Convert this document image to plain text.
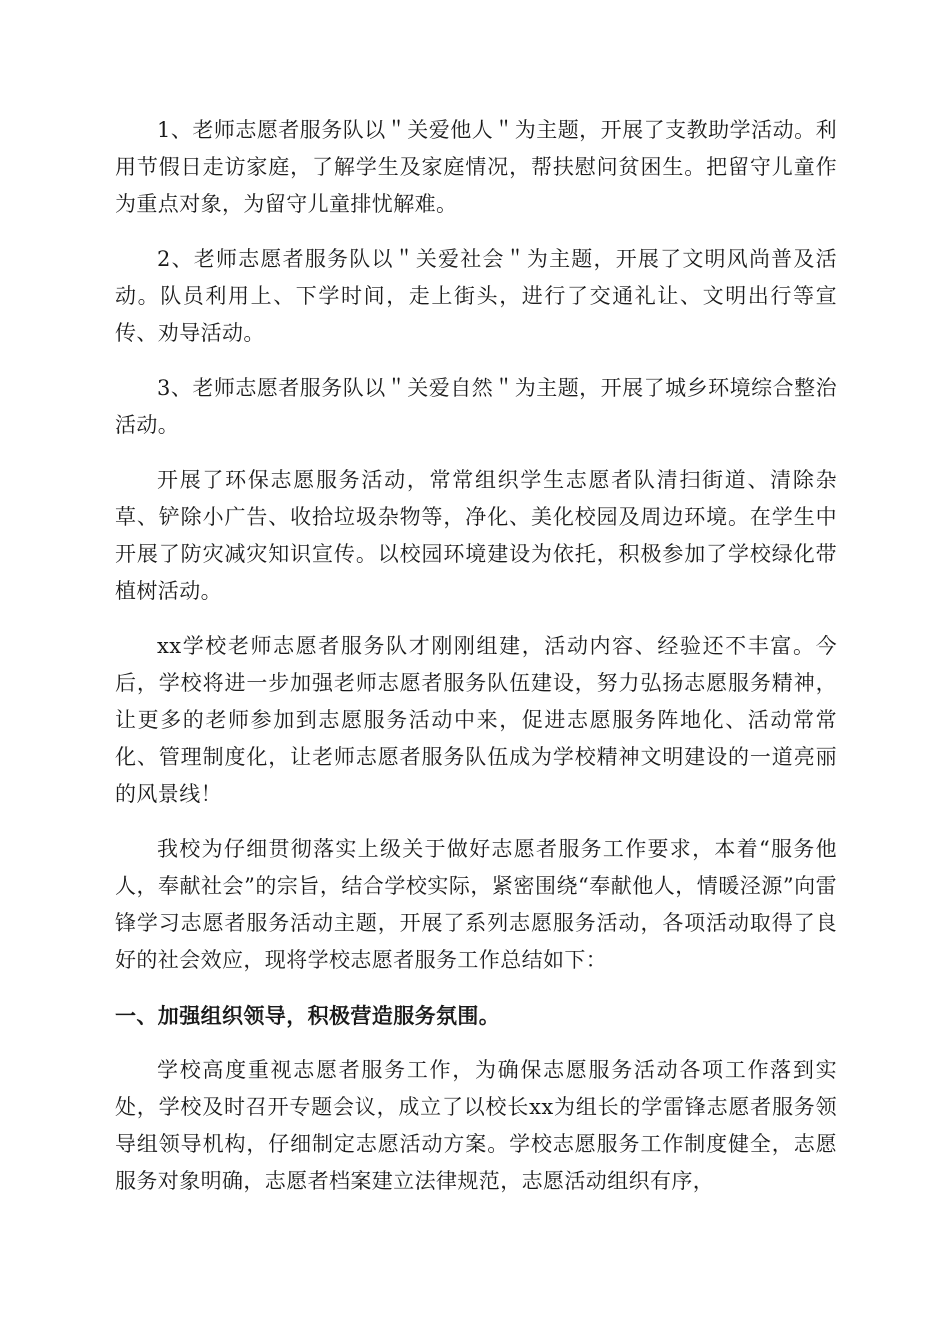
1、老师志愿者服务队以＂关爱他人＂为主题，开展了支教助学活动。利用节假日走访家庭，了解学生及家庭情况，帮扶慰问贫困生。把留守儿童作为重点对象，为留守儿童排忧解难。

2、老师志愿者服务队以＂关爱社会＂为主题，开展了文明风尚普及活动。队员利用上、下学时间，走上街头，进行了交通礼让、文明出行等宣传、劝导活动。

3、老师志愿者服务队以＂关爱自然＂为主题，开展了城乡环境综合整治活动。

开展了环保志愿服务活动，常常组织学生志愿者队清扫街道、清除杂草、铲除小广告、收拾垃圾杂物等，净化、美化校园及周边环境。在学生中开展了防灾减灾知识宣传。以校园环境建设为依托，积极参加了学校绿化带植树活动。

xx学校老师志愿者服务队才刚刚组建，活动内容、经验还不丰富。今后，学校将进一步加强老师志愿者服务队伍建设，努力弘扬志愿服务精神，让更多的老师参加到志愿服务活动中来，促进志愿服务阵地化、活动常常化、管理制度化，让老师志愿者服务队伍成为学校精神文明建设的一道亮丽的风景线！

我校为仔细贯彻落实上级关于做好志愿者服务工作要求，本着“服务他人，奉献社会”的宗旨，结合学校实际，紧密围绕“奉献他人，情暖泾源”向雷锋学习志愿者服务活动主题，开展了系列志愿服务活动，各项活动取得了良好的社会效应，现将学校志愿者服务工作总结如下：

一、加强组织领导，积极营造服务氛围。

学校高度重视志愿者服务工作，为确保志愿服务活动各项工作落到实处，学校及时召开专题会议，成立了以校长xx为组长的学雷锋志愿者服务领导组领导机构，仔细制定志愿活动方案。学校志愿服务工作制度健全，志愿服务对象明确，志愿者档案建立法律规范，志愿活动组织有序，
